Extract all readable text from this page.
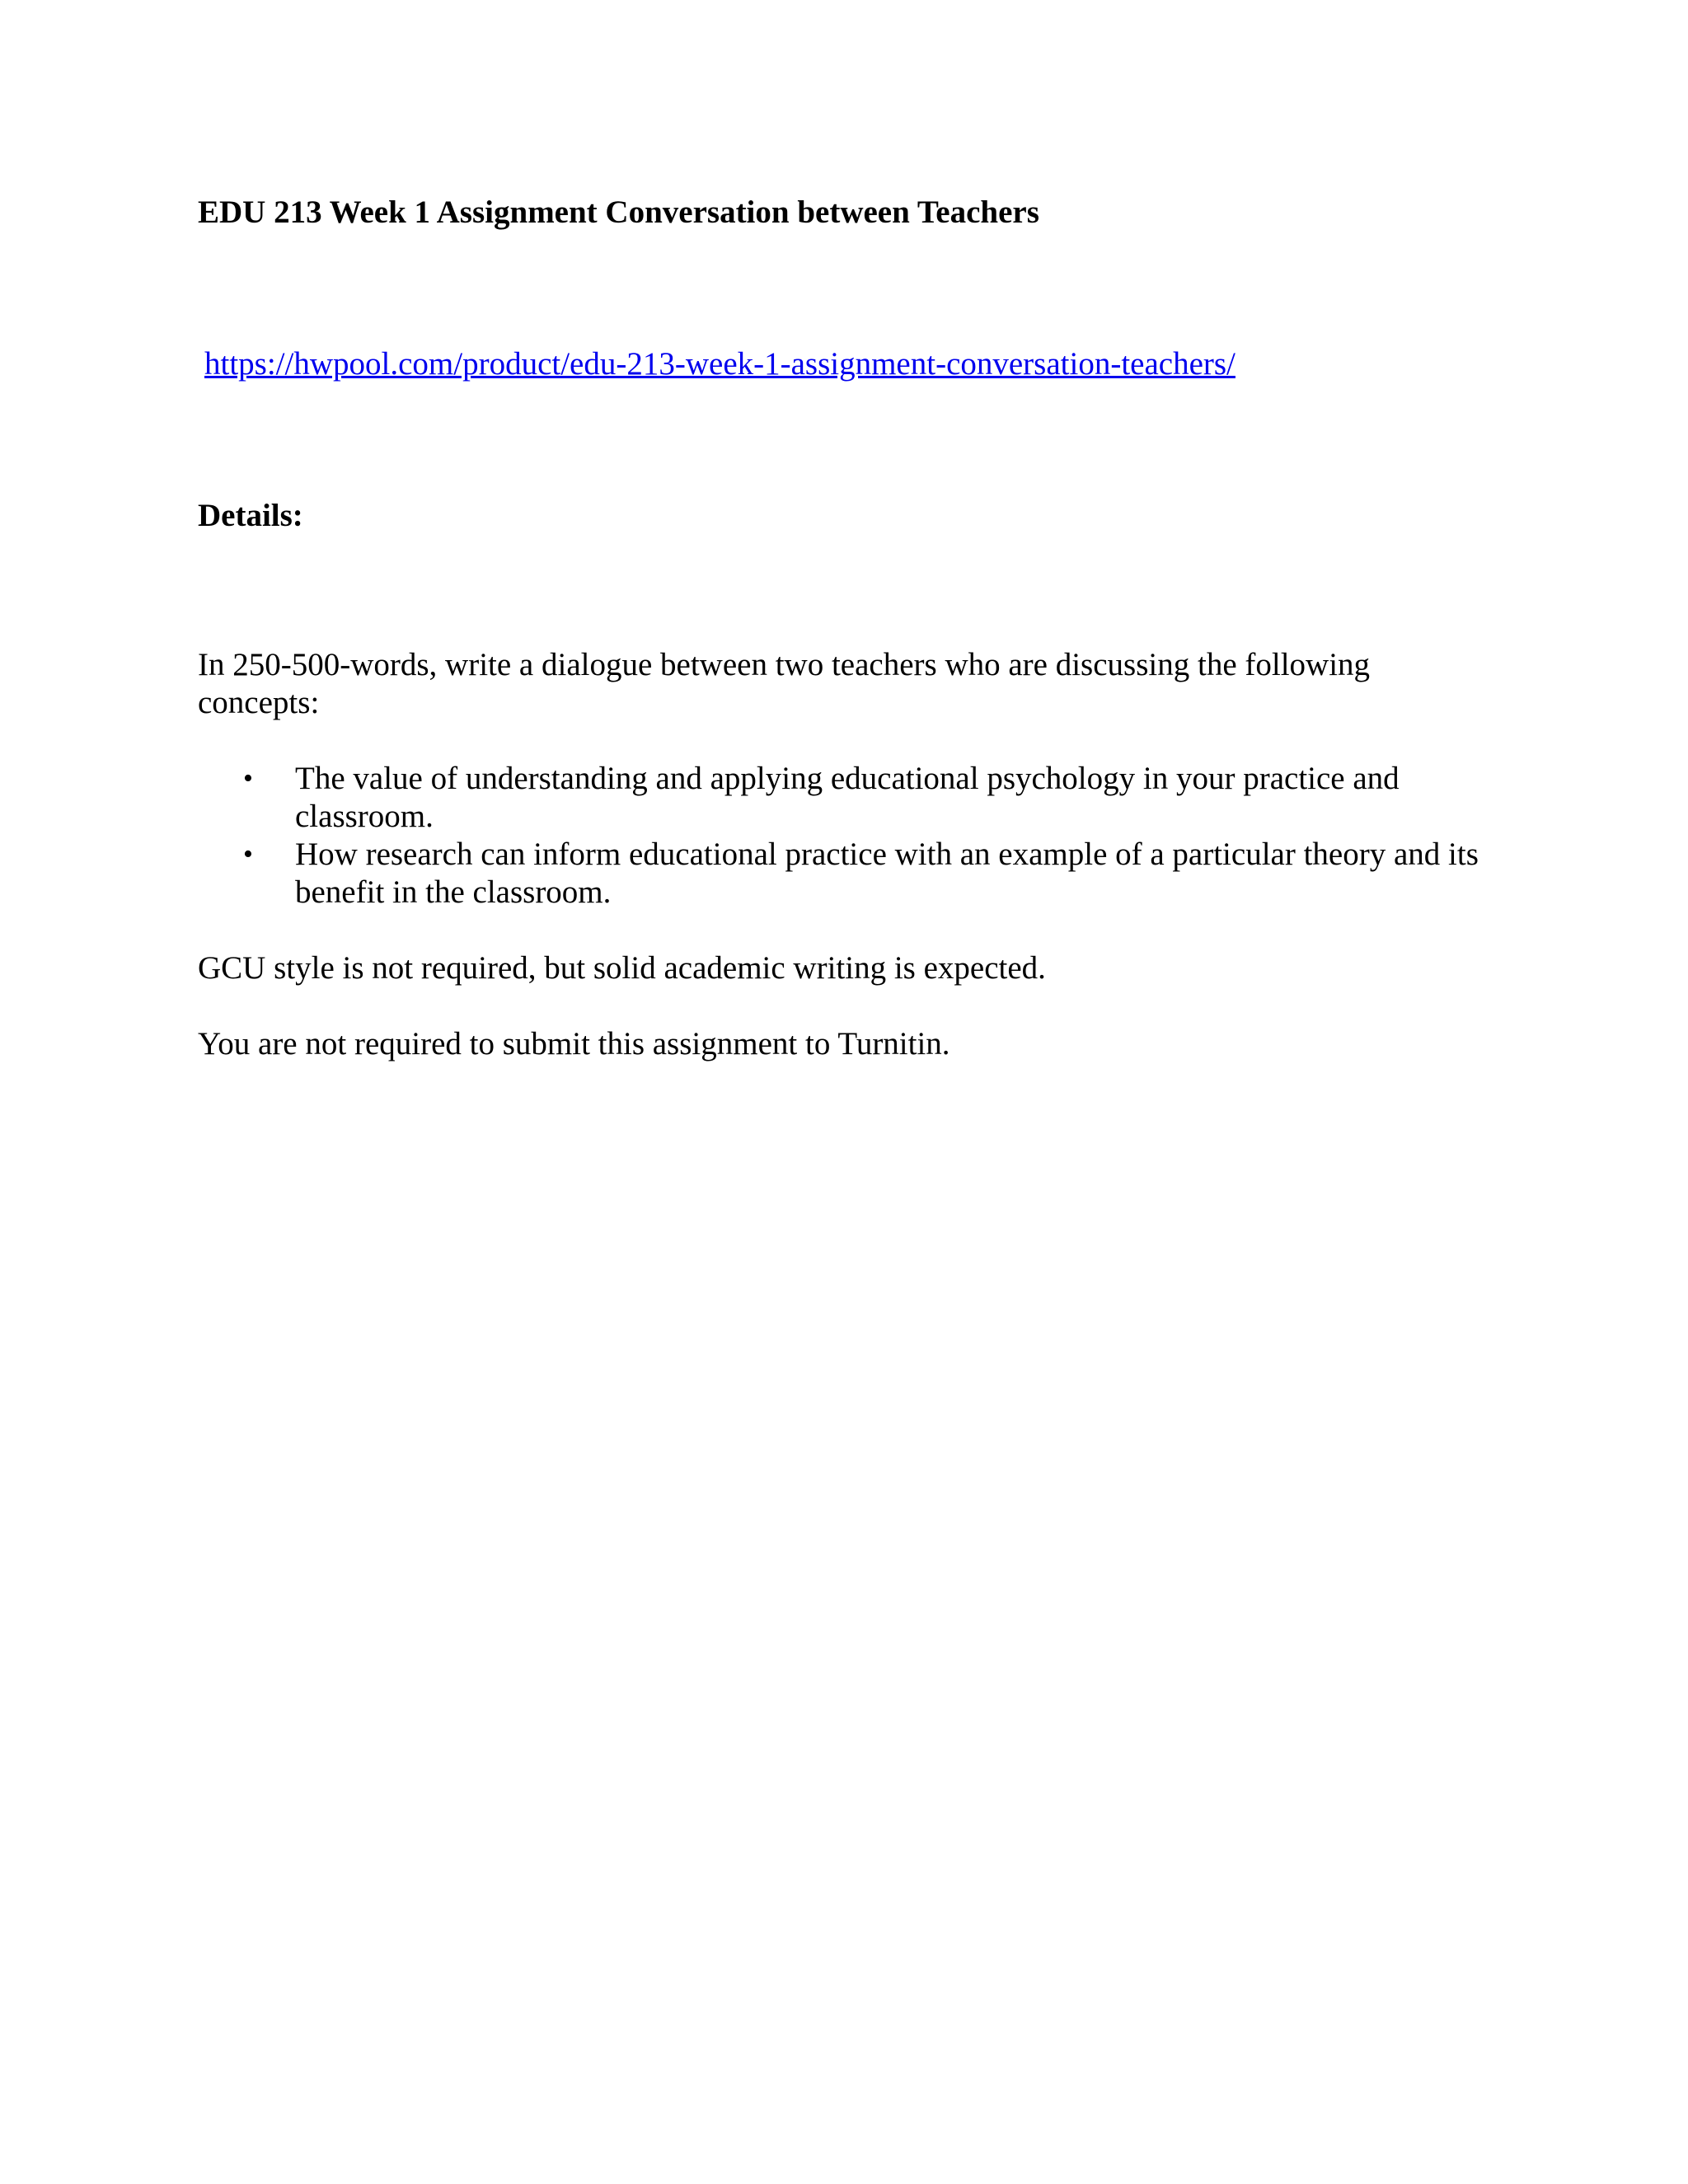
EDU 213 Week 1 Assignment Conversation between Teachers
https://hwpool.com/product/edu-213-week-1-assignment-conversation-teachers/
Details:

In 250-500-words, write a dialogue between two teachers who are discussing the following concepts:

• The value of understanding and applying educational psychology in your practice and classroom.
• How research can inform educational practice with an example of a particular theory and its benefit in the classroom.

GCU style is not required, but solid academic writing is expected.

You are not required to submit this assignment to Turnitin.
